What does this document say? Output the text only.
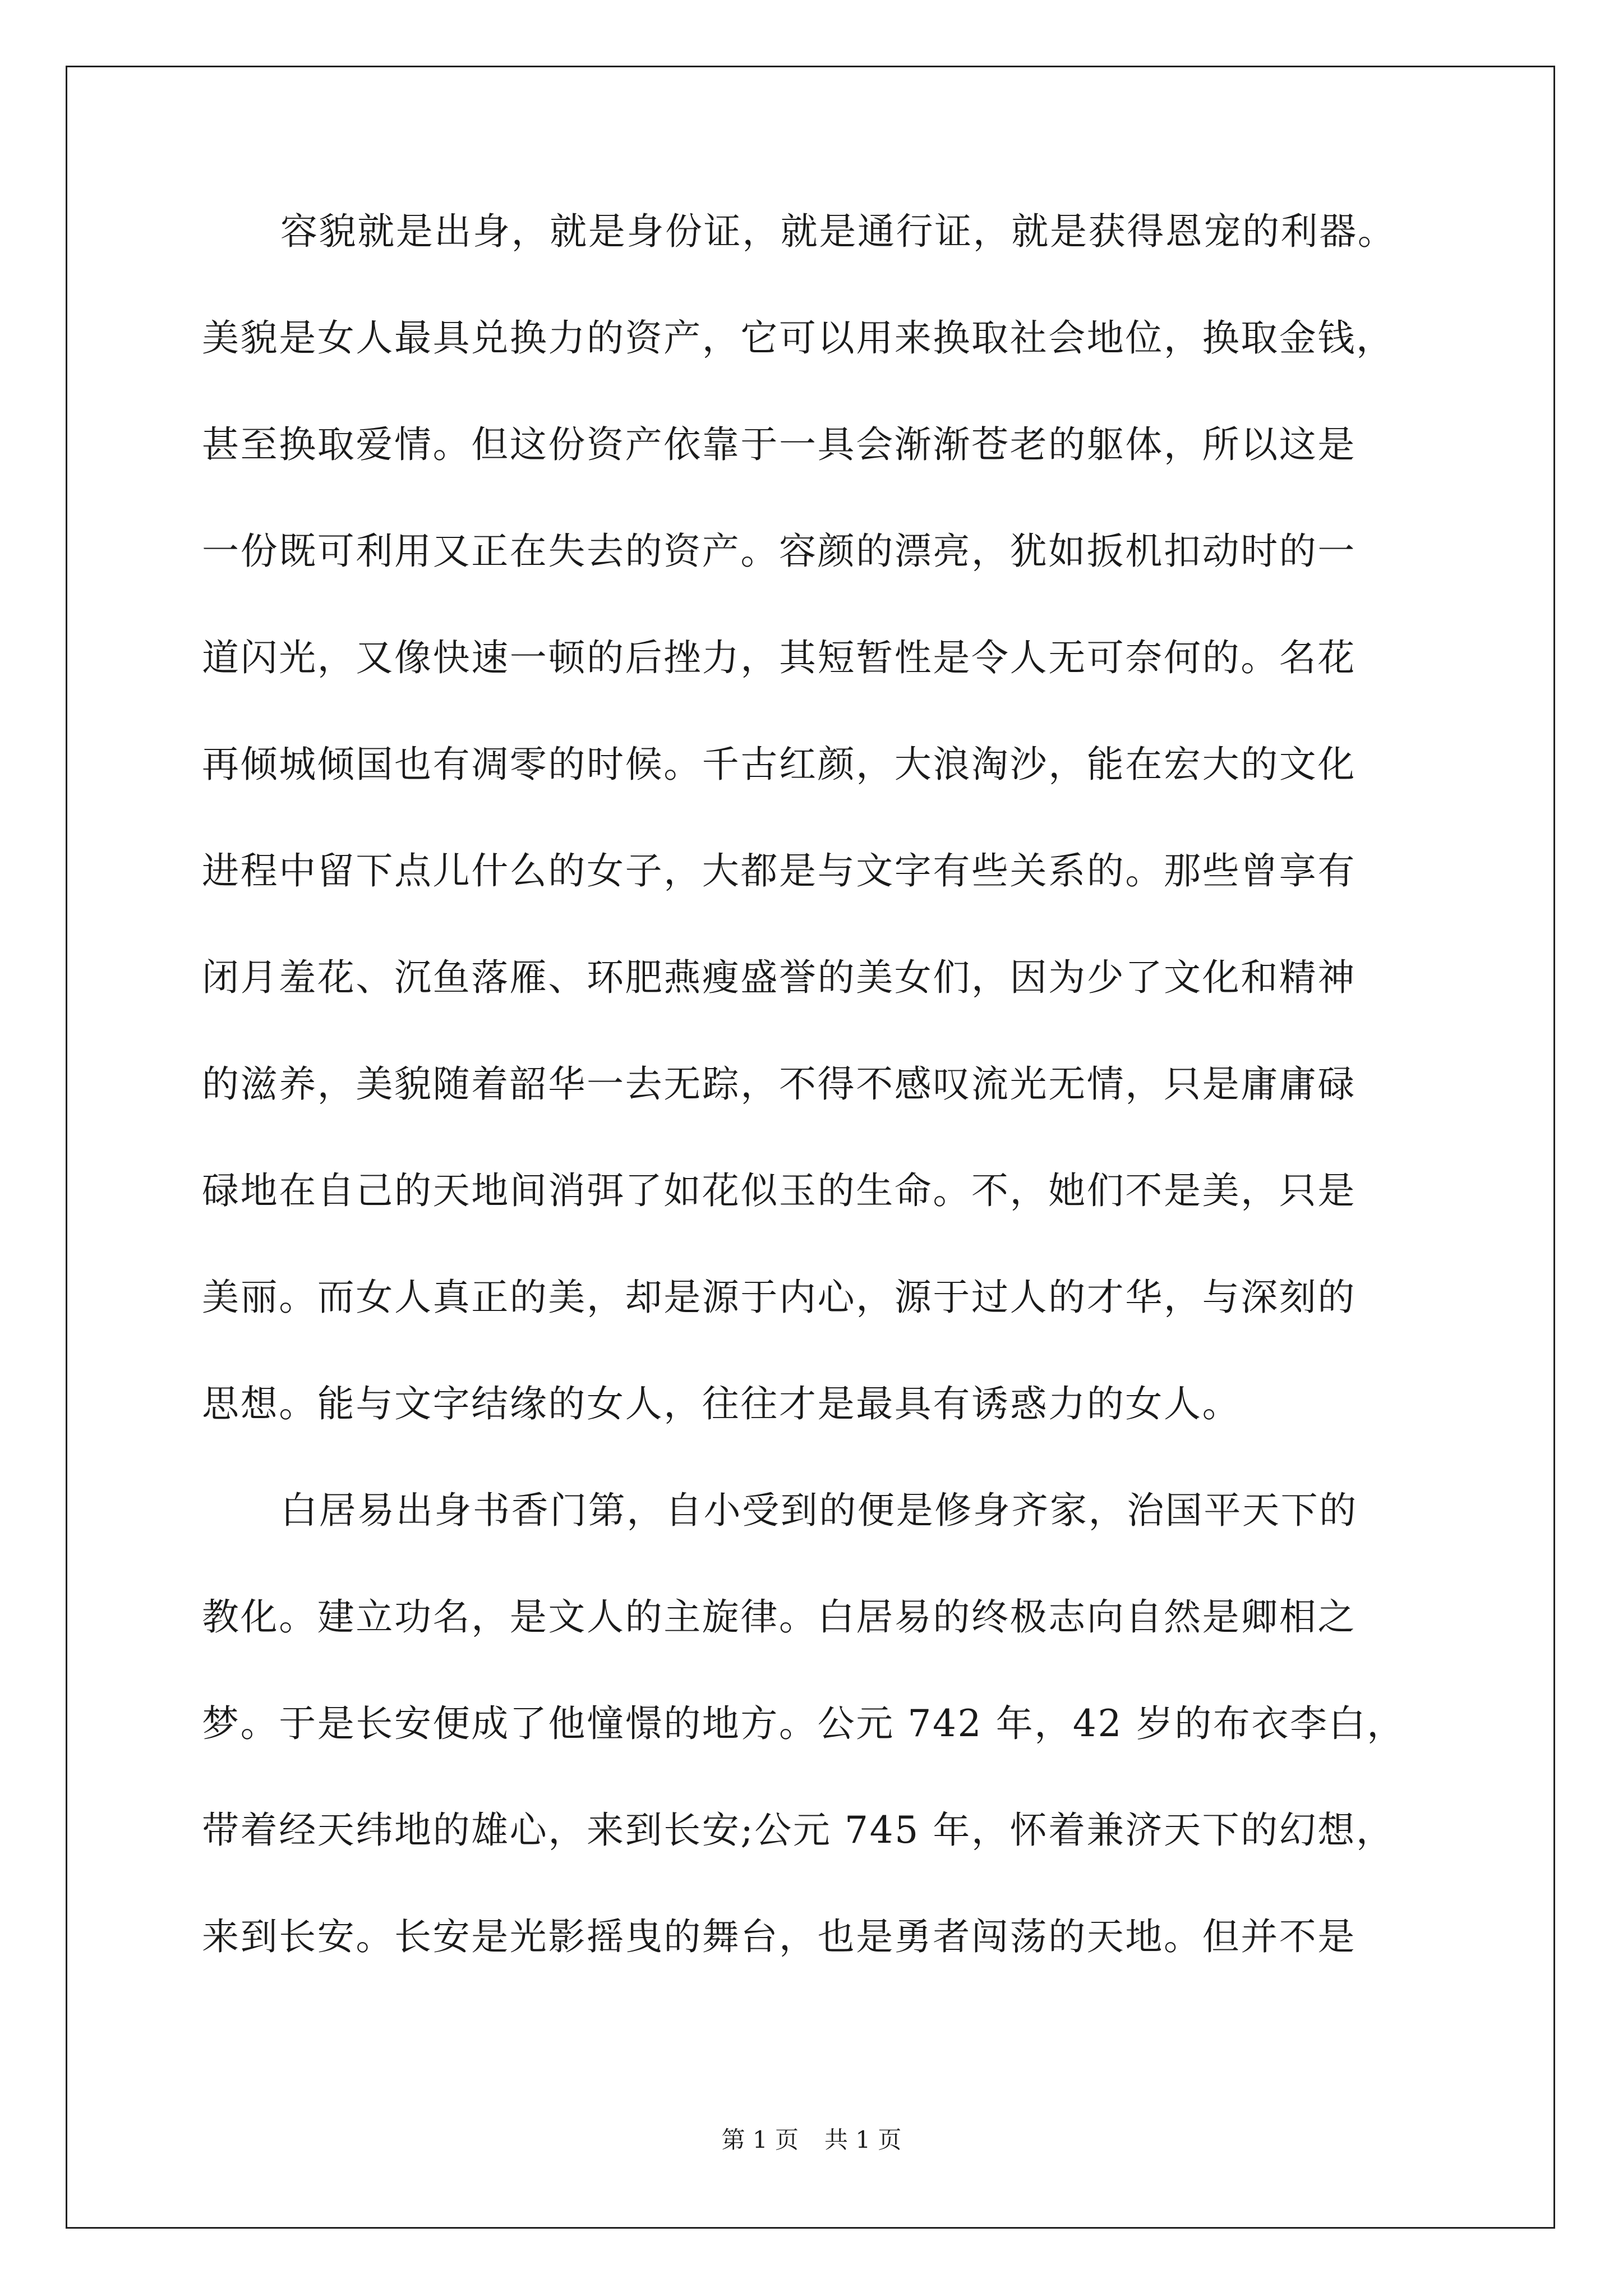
容貌就是出身，就是身份证，就是通行证，就是获得恩宠的利器。
美貌是女人最具兑换力的资产，它可以用来换取社会地位，换取金钱，
甚至换取爱情。但这份资产依靠于一具会渐渐苍老的躯体，所以这是
一份既可利用又正在失去的资产。容颜的漂亮，犹如扳机扣动时的一
道闪光，又像快速一顿的后挫力，其短暂性是令人无可奈何的。名花
再倾城倾国也有凋零的时候。千古红颜，大浪淘沙，能在宏大的文化
进程中留下点儿什么的女子，大都是与文字有些关系的。那些曾享有
闭月羞花、沉鱼落雁、环肥燕瘦盛誉的美女们，因为少了文化和精神
的滋养，美貌随着韶华一去无踪，不得不感叹流光无情，只是庸庸碌
碌地在自己的天地间消弭了如花似玉的生命。不，她们不是美，只是
美丽。而女人真正的美，却是源于内心，源于过人的才华，与深刻的
思想。能与文字结缘的女人，往往才是最具有诱惑力的女人。
白居易出身书香门第，自小受到的便是修身齐家，治国平天下的
教化。建立功名，是文人的主旋律。白居易的终极志向自然是卿相之
梦。于是长安便成了他憧憬的地方。公元 742 年，42 岁的布衣李白，
带着经天纬地的雄心，来到长安;公元 745 年，怀着兼济天下的幻想，
来到长安。长安是光影摇曳的舞台，也是勇者闯荡的天地。但并不是
第 1 页 共 1 页
